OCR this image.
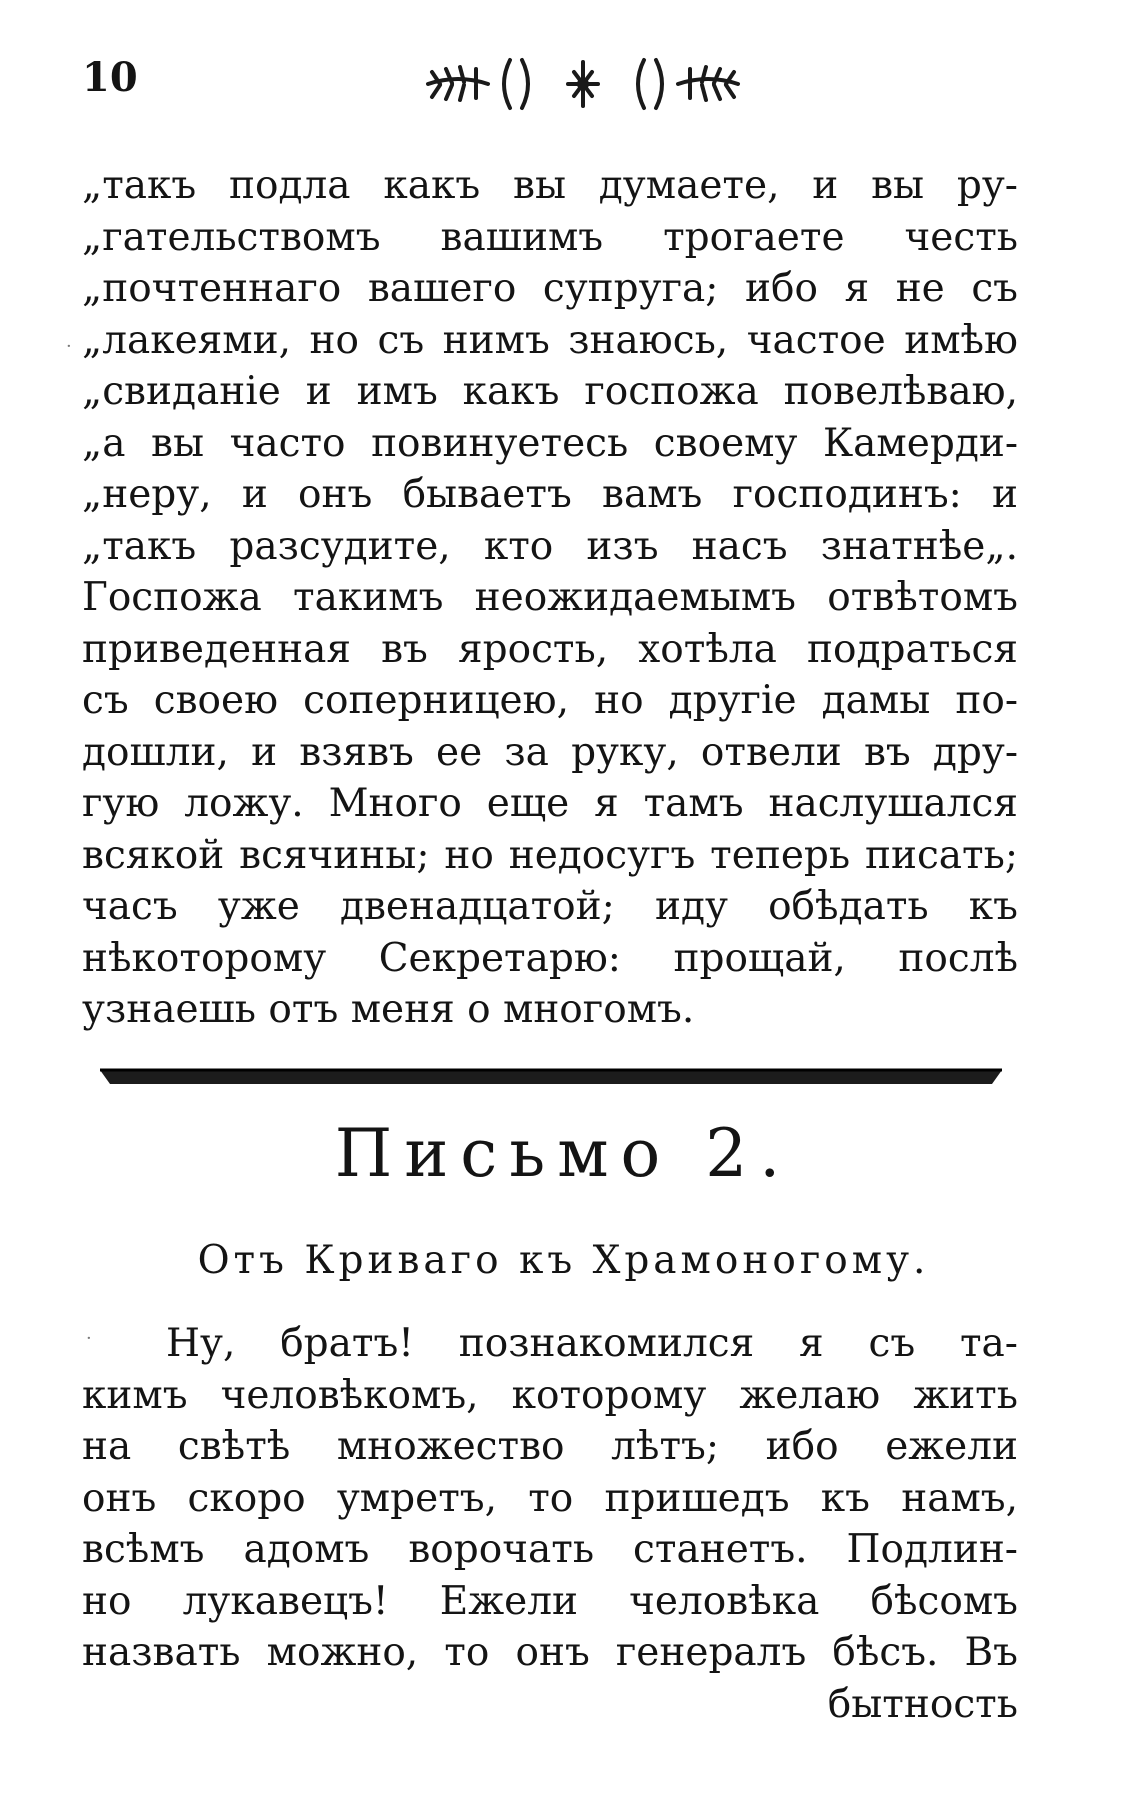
10
„такъ подла какъ вы думаете, и вы ру-
„гательствомъ вашимъ трогаете честь
„почтеннаго вашего супруга; ибо я не съ
„лакеями, но съ нимъ знаюсь, частое имѣю
„свиданіе и имъ какъ госпожа повелѣваю,
„а вы часто повинуетесь своему Камерди-
„неру, и онъ бываетъ вамъ господинъ: и
„такъ разсудите, кто изъ насъ знатнѣе„.
Госпожа такимъ неожидаемымъ отвѣтомъ
приведенная въ ярость, хотѣла подраться
съ своею соперницею, но другіе дамы по-
дошли, и взявъ ее за руку, отвели въ дру-
гую ложу. Много еще я тамъ наслушался
всякой всячины; но недосугъ теперь писать;
часъ уже двенадцатой; иду обѣдать къ
нѣкоторому Секретарю: прощай, послѣ
узнаешь отъ меня о многомъ.
Письмо 2.
Отъ Криваго къ Храмоногому.
Ну, братъ! познакомился я съ та-
кимъ человѣкомъ, которому желаю жить
на свѣтѣ множество лѣтъ; ибо ежели
онъ скоро умретъ, то пришедъ къ намъ,
всѣмъ адомъ ворочать станетъ. Подлин-
но лукавецъ! Ежели человѣка бѣсомъ
назвать можно, то онъ генералъ бѣсъ. Въ
бытность
·
·
